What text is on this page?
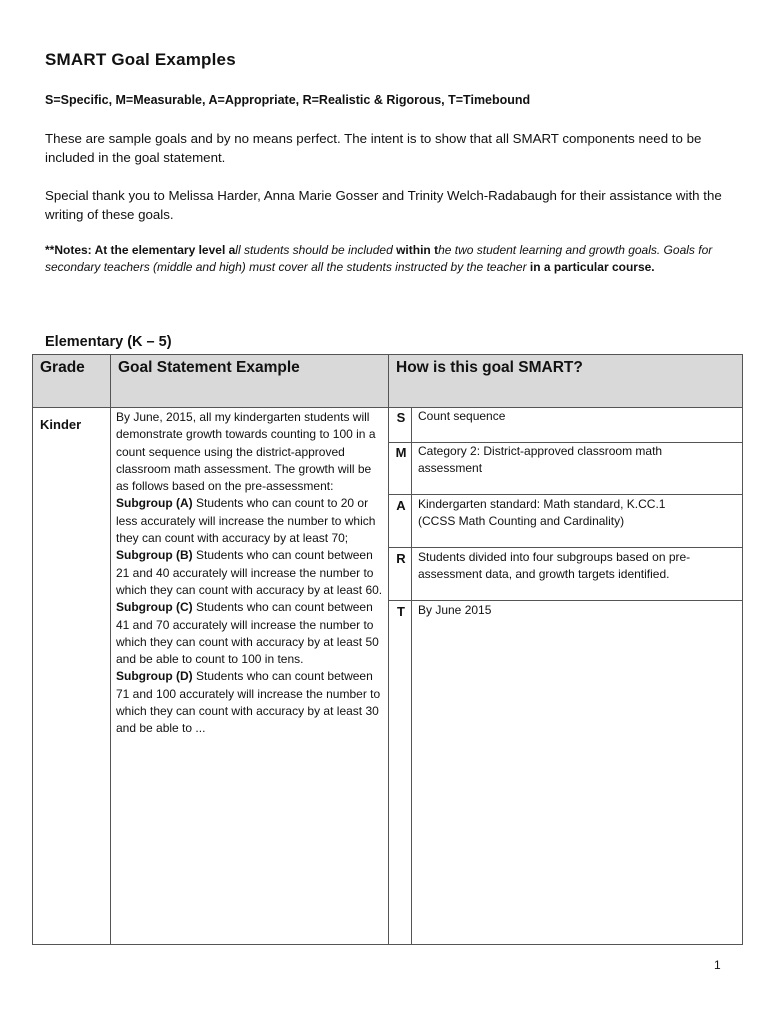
SMART Goal Examples
S=Specific, M=Measurable, A=Appropriate, R=Realistic & Rigorous, T=Timebound
These are sample goals and by no means perfect. The intent is to show that all SMART components need to be included in the goal statement.
Special thank you to Melissa Harder, Anna Marie Gosser and Trinity Welch-Radabaugh for their assistance with the writing of these goals.
**Notes: At the elementary level all students should be included within the two student learning and growth goals. Goals for secondary teachers (middle and high) must cover all the students instructed by the teacher in a particular course.
Elementary (K – 5)
Grade Goal Statement Example	How is this goal SMART?
Kinder	By June, 2015, all my kindergarten students will demonstrate growth towards counting to 100 in a count sequence using the district-approved classroom math assessment. The growth will be as follows based on the pre-assessment:
Subgroup (A) Students who can count to 20 or less accurately will increase the number to which they can count with accuracy by at least 70;
Subgroup (B) Students who can count between 21 and 40 accurately will increase the number to which they can count with accuracy by at least 60.
Subgroup (C) Students who can count between 41 and 70 accurately will increase the number to which they can count with accuracy by at least 50 and be able to count to 100 in tens.
Subgroup (D) Students who can count between 71 and 100 accurately will increase the number to which they can count with accuracy by at least 30 and be able to ...
S	Count sequence
M Category 2: District-approved classroom math assessment
A	Kindergarten standard: Math standard, K.CC.1
(CCSS Math Counting and Cardinality)
R	Students divided into four subgroups based on pre-assessment data, and growth targets identified.
T	By June 2015
1
